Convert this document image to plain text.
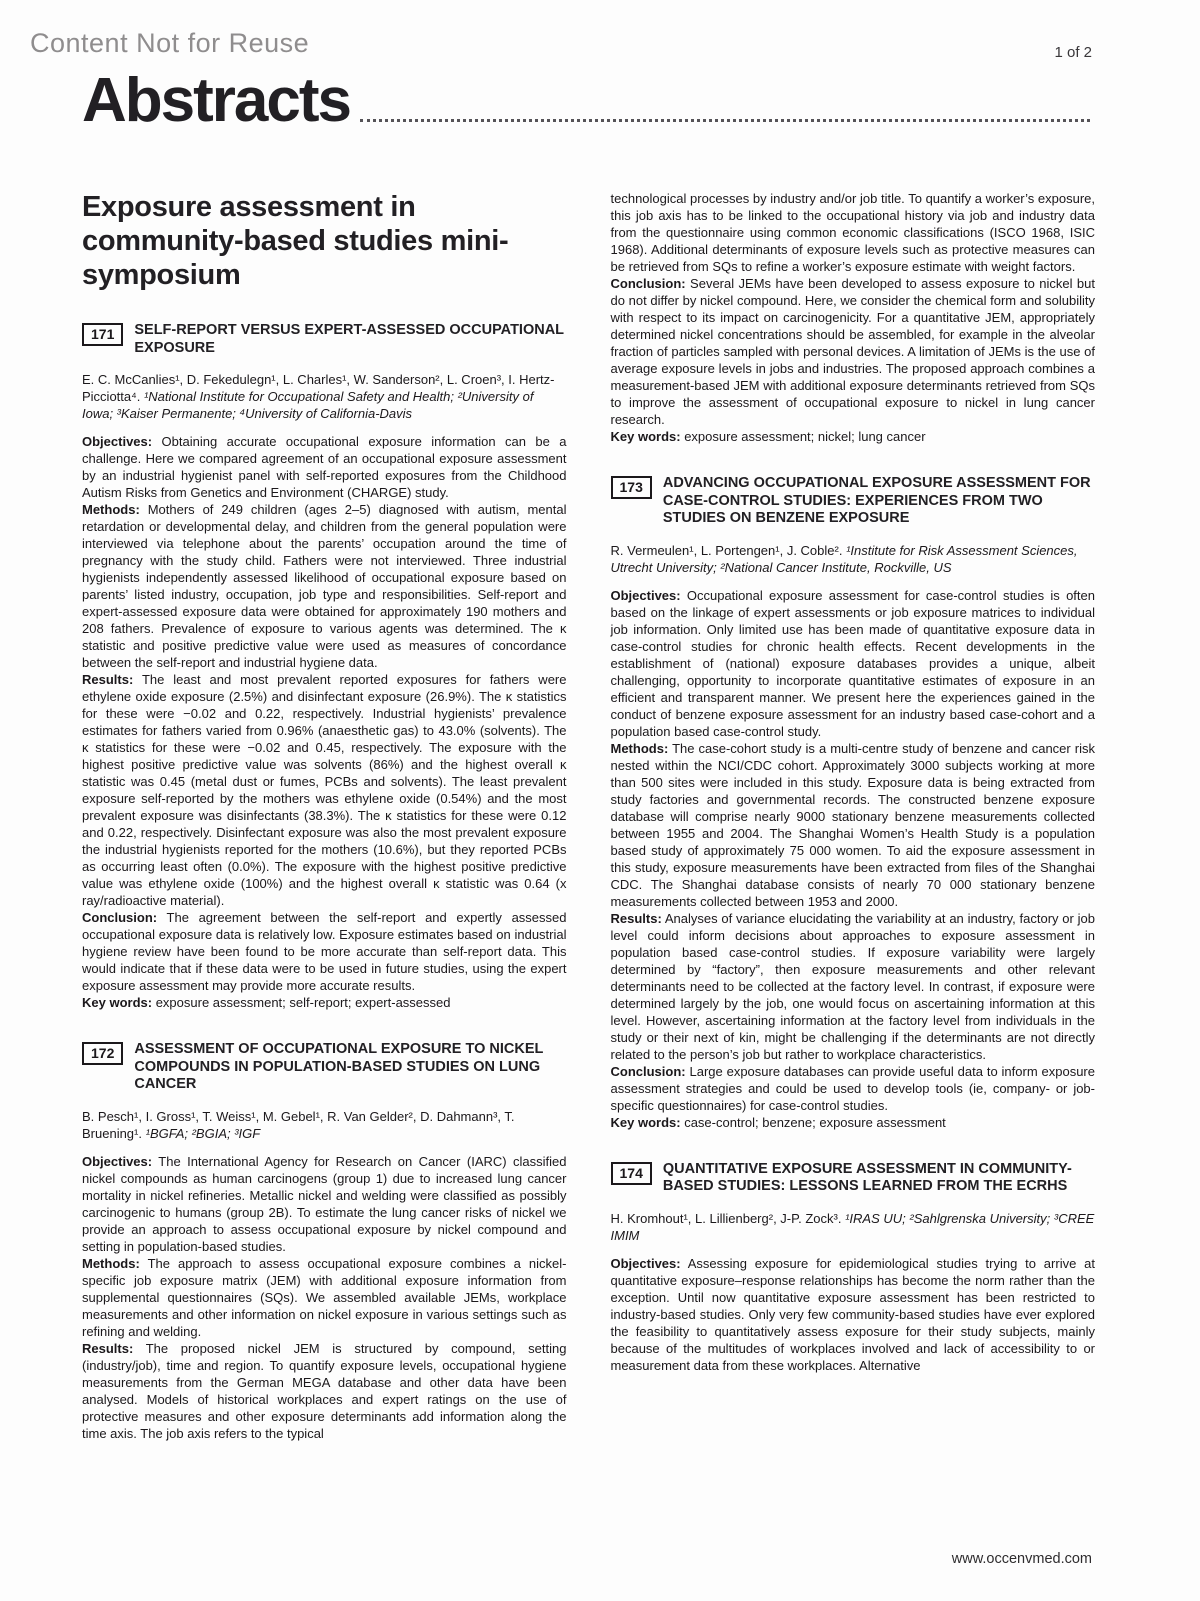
Content Not for Reuse	1 of 2
Abstracts
Exposure assessment in community-based studies mini-symposium
171	SELF-REPORT VERSUS EXPERT-ASSESSED OCCUPATIONAL EXPOSURE

E. C. McCanlies¹, D. Fekedulegn¹, L. Charles¹, W. Sanderson², L. Croen³, I. Hertz-Picciotta⁴. ¹National Institute for Occupational Safety and Health; ²University of Iowa; ³Kaiser Permanente; ⁴University of California-Davis

Objectives: Obtaining accurate occupational exposure information can be a challenge. Here we compared agreement of an occupational exposure assessment by an industrial hygienist panel with self-reported exposures from the Childhood Autism Risks from Genetics and Environment (CHARGE) study.

Methods: Mothers of 249 children (ages 2–5) diagnosed with autism, mental retardation or developmental delay, and children from the general population were interviewed via telephone about the parents’ occupation around the time of pregnancy with the study child. Fathers were not interviewed. Three industrial hygienists independently assessed likelihood of occupational exposure based on parents’ listed industry, occupation, job type and responsibilities. Self-report and expert-assessed exposure data were obtained for approximately 190 mothers and 208 fathers. Prevalence of exposure to various agents was determined. The κ statistic and positive predictive value were used as measures of concordance between the self-report and industrial hygiene data.

Results: The least and most prevalent reported exposures for fathers were ethylene oxide exposure (2.5%) and disinfectant exposure (26.9%). The κ statistics for these were −0.02 and 0.22, respectively. Industrial hygienists’ prevalence estimates for fathers varied from 0.96% (anaesthetic gas) to 43.0% (solvents). The κ statistics for these were −0.02 and 0.45, respectively. The exposure with the highest positive predictive value was solvents (86%) and the highest overall κ statistic was 0.45 (metal dust or fumes, PCBs and solvents). The least prevalent exposure self-reported by the mothers was ethylene oxide (0.54%) and the most prevalent exposure was disinfectants (38.3%). The κ statistics for these were 0.12 and 0.22, respectively. Disinfectant exposure was also the most prevalent exposure the industrial hygienists reported for the mothers (10.6%), but they reported PCBs as occurring least often (0.0%). The exposure with the highest positive predictive value was ethylene oxide (100%) and the highest overall κ statistic was 0.64 (x ray/radioactive material).

Conclusion: The agreement between the self-report and expertly assessed occupational exposure data is relatively low. Exposure estimates based on industrial hygiene review have been found to be more accurate than self-report data. This would indicate that if these data were to be used in future studies, using the expert exposure assessment may provide more accurate results.

Key words: exposure assessment; self-report; expert-assessed

172	ASSESSMENT OF OCCUPATIONAL EXPOSURE TO NICKEL COMPOUNDS IN POPULATION-BASED STUDIES ON LUNG CANCER

B. Pesch¹, I. Gross¹, T. Weiss¹, M. Gebel¹, R. Van Gelder², D. Dahmann³, T. Bruening¹. ¹BGFA; ²BGIA; ³IGF

Objectives: The International Agency for Research on Cancer (IARC) classified nickel compounds as human carcinogens (group 1) due to increased lung cancer mortality in nickel refineries. Metallic nickel and welding were classified as possibly carcinogenic to humans (group 2B). To estimate the lung cancer risks of nickel we provide an approach to assess occupational exposure by nickel compound and setting in population-based studies.

Methods: The approach to assess occupational exposure combines a nickel-specific job exposure matrix (JEM) with additional exposure information from supplemental questionnaires (SQs). We assembled available JEMs, workplace measurements and other information on nickel exposure in various settings such as refining and welding.

Results: The proposed nickel JEM is structured by compound, setting (industry/job), time and region. To quantify exposure levels, occupational hygiene measurements from the German MEGA database and other data have been analysed. Models of historical workplaces and expert ratings on the use of protective measures and other exposure determinants add information along the time axis. The job axis refers to the typical

technological processes by industry and/or job title. To quantify a worker’s exposure, this job axis has to be linked to the occupational history via job and industry data from the questionnaire using common economic classifications (ISCO 1968, ISIC 1968). Additional determinants of exposure levels such as protective measures can be retrieved from SQs to refine a worker’s exposure estimate with weight factors.

Conclusion: Several JEMs have been developed to assess exposure to nickel but do not differ by nickel compound. Here, we consider the chemical form and solubility with respect to its impact on carcinogenicity. For a quantitative JEM, appropriately determined nickel concentrations should be assembled, for example in the alveolar fraction of particles sampled with personal devices. A limitation of JEMs is the use of average exposure levels in jobs and industries. The proposed approach combines a measurement-based JEM with additional exposure determinants retrieved from SQs to improve the assessment of occupational exposure to nickel in lung cancer research.

Key words: exposure assessment; nickel; lung cancer

173	ADVANCING OCCUPATIONAL EXPOSURE ASSESSMENT FOR CASE-CONTROL STUDIES: EXPERIENCES FROM TWO STUDIES ON BENZENE EXPOSURE

R. Vermeulen¹, L. Portengen¹, J. Coble². ¹Institute for Risk Assessment Sciences, Utrecht University; ²National Cancer Institute, Rockville, US

Objectives: Occupational exposure assessment for case-control studies is often based on the linkage of expert assessments or job exposure matrices to individual job information. Only limited use has been made of quantitative exposure data in case-control studies for chronic health effects. Recent developments in the establishment of (national) exposure databases provides a unique, albeit challenging, opportunity to incorporate quantitative estimates of exposure in an efficient and transparent manner. We present here the experiences gained in the conduct of benzene exposure assessment for an industry based case-cohort and a population based case-control study.

Methods: The case-cohort study is a multi-centre study of benzene and cancer risk nested within the NCI/CDC cohort. Approximately 3000 subjects working at more than 500 sites were included in this study. Exposure data is being extracted from study factories and governmental records. The constructed benzene exposure database will comprise nearly 9000 stationary benzene measurements collected between 1955 and 2004. The Shanghai Women’s Health Study is a population based study of approximately 75 000 women. To aid the exposure assessment in this study, exposure measurements have been extracted from files of the Shanghai CDC. The Shanghai database consists of nearly 70 000 stationary benzene measurements collected between 1953 and 2000.

Results: Analyses of variance elucidating the variability at an industry, factory or job level could inform decisions about approaches to exposure assessment in population based case-control studies. If exposure variability were largely determined by “factory”, then exposure measurements and other relevant determinants need to be collected at the factory level. In contrast, if exposure were determined largely by the job, one would focus on ascertaining information at this level. However, ascertaining information at the factory level from individuals in the study or their next of kin, might be challenging if the determinants are not directly related to the person’s job but rather to workplace characteristics.

Conclusion: Large exposure databases can provide useful data to inform exposure assessment strategies and could be used to develop tools (ie, company- or job-specific questionnaires) for case-control studies.

Key words: case-control; benzene; exposure assessment

174	QUANTITATIVE EXPOSURE ASSESSMENT IN COMMUNITY-BASED STUDIES: LESSONS LEARNED FROM THE ECRHS

H. Kromhout¹, L. Lillienberg², J-P. Zock³. ¹IRAS UU; ²Sahlgrenska University; ³CREE IMIM

Objectives: Assessing exposure for epidemiological studies trying to arrive at quantitative exposure–response relationships has become the norm rather than the exception. Until now quantitative exposure assessment has been restricted to industry-based studies. Only very few community-based studies have ever explored the feasibility to quantitatively assess exposure for their study subjects, mainly because of the multitudes of workplaces involved and lack of accessibility to or measurement data from these workplaces. Alternative

www.occenvmed.com
